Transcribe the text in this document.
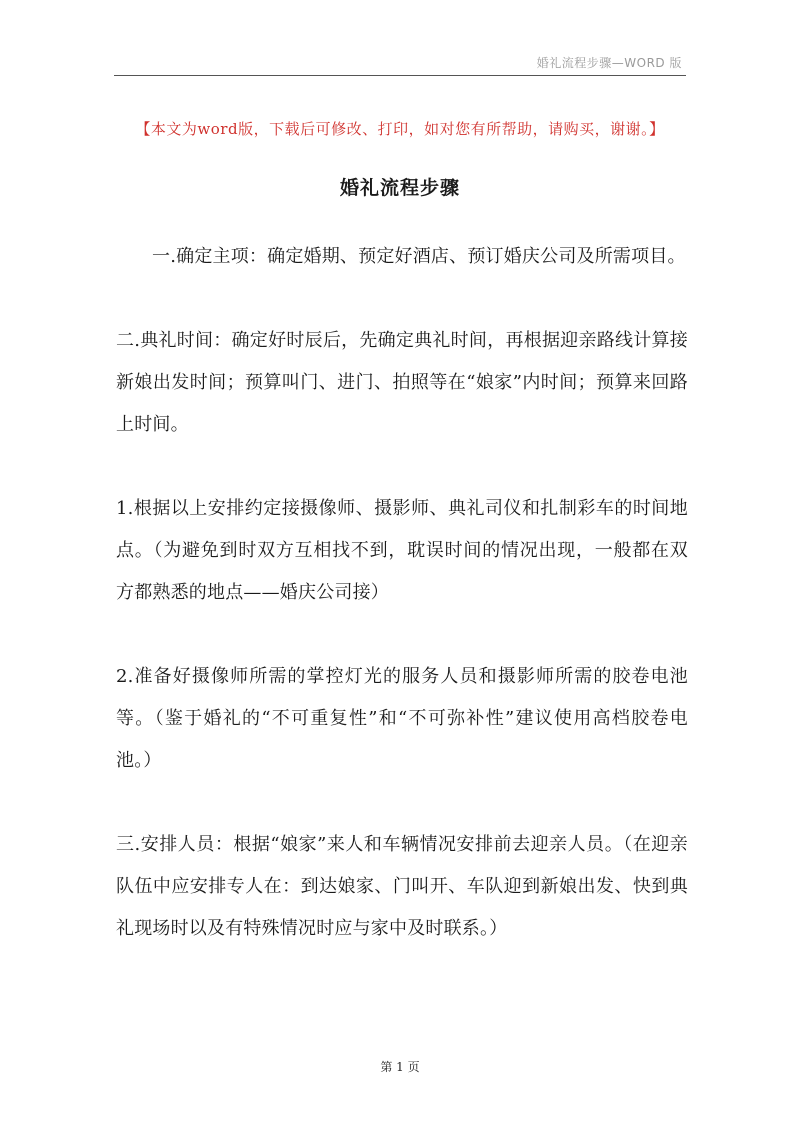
婚礼流程步骤—WORD 版
【本文为word版，下载后可修改、打印，如对您有所帮助，请购买，谢谢。】
婚礼流程步骤

一.确定主项：确定婚期、预定好酒店、预订婚庆公司及所需项目。

二.典礼时间：确定好时辰后，先确定典礼时间，再根据迎亲路线计算接新娘出发时间；预算叫门、进门、拍照等在“娘家”内时间；预算来回路上时间。

1.根据以上安排约定接摄像师、摄影师、典礼司仪和扎制彩车的时间地点。（为避免到时双方互相找不到，耽误时间的情况出现，一般都在双方都熟悉的地点——婚庆公司接）

2.准备好摄像师所需的掌控灯光的服务人员和摄影师所需的胶卷电池等。（鉴于婚礼的“不可重复性”和“不可弥补性”建议使用高档胶卷电池。）

三.安排人员：根据“娘家”来人和车辆情况安排前去迎亲人员。（在迎亲队伍中应安排专人在：到达娘家、门叫开、车队迎到新娘出发、快到典礼现场时以及有特殊情况时应与家中及时联系。）

第 1 页
